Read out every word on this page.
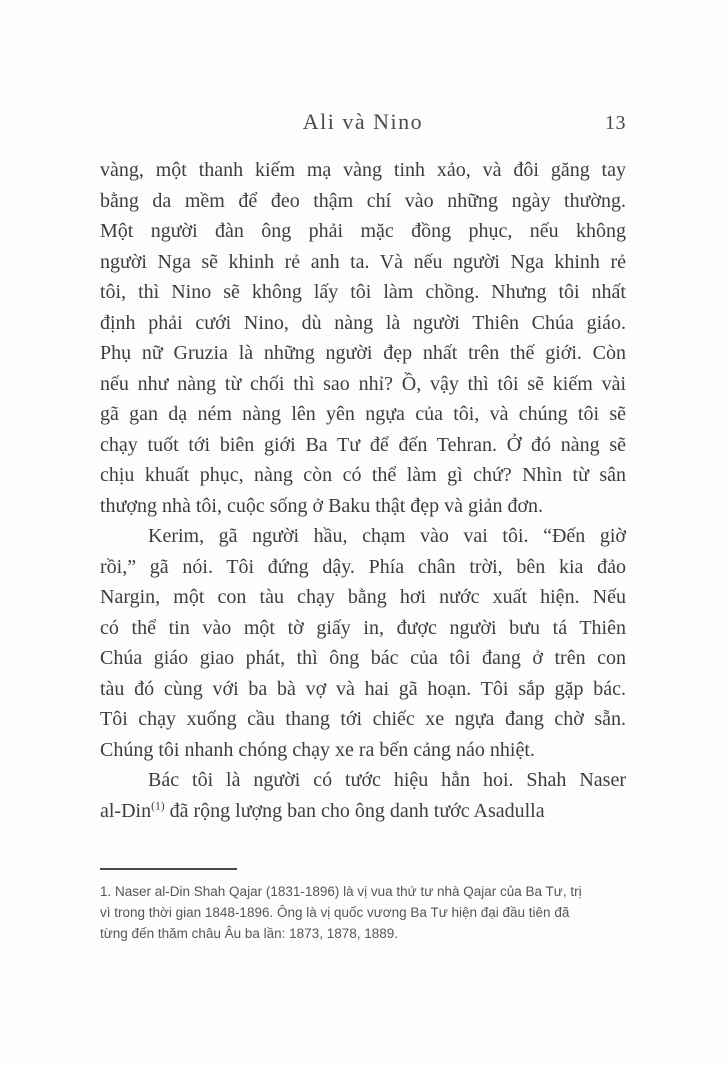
Ali và Nino	13
vàng, một thanh kiếm mạ vàng tinh xảo, và đôi găng tay
bằng da mềm để đeo thậm chí vào những ngày thường.
Một người đàn ông phải mặc đồng phục, nếu không
người Nga sẽ khinh rẻ anh ta. Và nếu người Nga khinh rẻ
tôi, thì Nino sẽ không lấy tôi làm chồng. Nhưng tôi nhất
định phải cưới Nino, dù nàng là người Thiên Chúa giáo.
Phụ nữ Gruzia là những người đẹp nhất trên thế giới. Còn
nếu như nàng từ chối thì sao nhỉ? Ồ, vậy thì tôi sẽ kiếm vài
gã gan dạ ném nàng lên yên ngựa của tôi, và chúng tôi sẽ
chạy tuốt tới biên giới Ba Tư để đến Tehran. Ở đó nàng sẽ
chịu khuất phục, nàng còn có thể làm gì chứ? Nhìn từ sân
thượng nhà tôi, cuộc sống ở Baku thật đẹp và giản đơn.
Kerim, gã người hầu, chạm vào vai tôi. “Đến giờ
rồi,” gã nói. Tôi đứng dậy. Phía chân trời, bên kia đảo
Nargin, một con tàu chạy bằng hơi nước xuất hiện. Nếu
có thể tin vào một tờ giấy in, được người bưu tá Thiên
Chúa giáo giao phát, thì ông bác của tôi đang ở trên con
tàu đó cùng với ba bà vợ và hai gã hoạn. Tôi sắp gặp bác.
Tôi chạy xuống cầu thang tới chiếc xe ngựa đang chờ sẵn.
Chúng tôi nhanh chóng chạy xe ra bến cảng náo nhiệt.
Bác tôi là người có tước hiệu hẳn hoi. Shah Naser
al-Din$^{(1)}$ đã rộng lượng ban cho ông danh tước Asadulla
1. Naser al-Din Shah Qajar (1831-1896) là vị vua thứ tư nhà Qajar của Ba Tư, trị
vì trong thời gian 1848-1896. Ông là vị quốc vương Ba Tư hiện đại đầu tiên đã
từng đến thăm châu Âu ba lần: 1873, 1878, 1889.
